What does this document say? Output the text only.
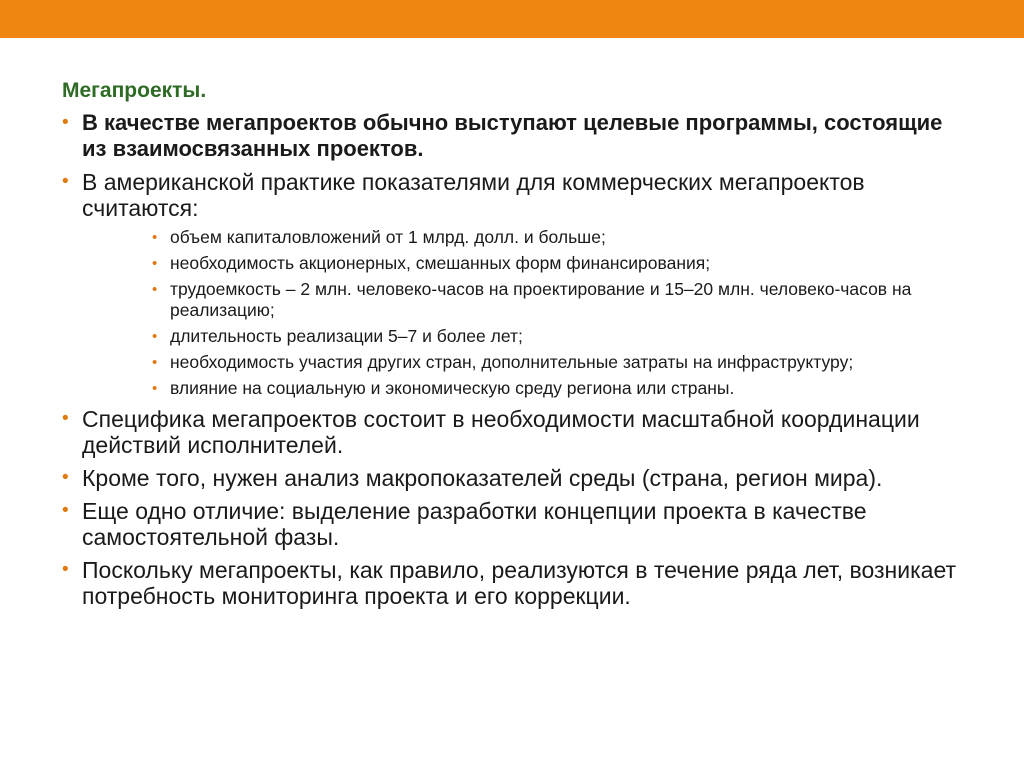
Мегапроекты.
• В качестве мегапроектов обычно выступают целевые программы, состоящие из взаимосвязанных проектов.
• В американской практике показателями для коммерческих мегапроектов считаются:
• объем капиталовложений от 1 млрд. долл. и больше;
• необходимость акционерных, смешанных форм финансирования;
• трудоемкость – 2 млн. человеко-часов на проектирование и 15–20 млн. человеко-часов на реализацию;
• длительность реализации 5–7 и более лет;
• необходимость участия других стран, дополнительные затраты на инфраструктуру;
• влияние на социальную и экономическую среду региона или страны.
• Специфика мегапроектов состоит в необходимости масштабной координации действий исполнителей.
• Кроме того, нужен анализ макропоказателей среды (страна, регион мира).
• Еще одно отличие: выделение разработки концепции проекта в качестве самостоятельной фазы.
• Поскольку мегапроекты, как правило, реализуются в течение ряда лет, возникает потребность мониторинга проекта и его коррекции.
